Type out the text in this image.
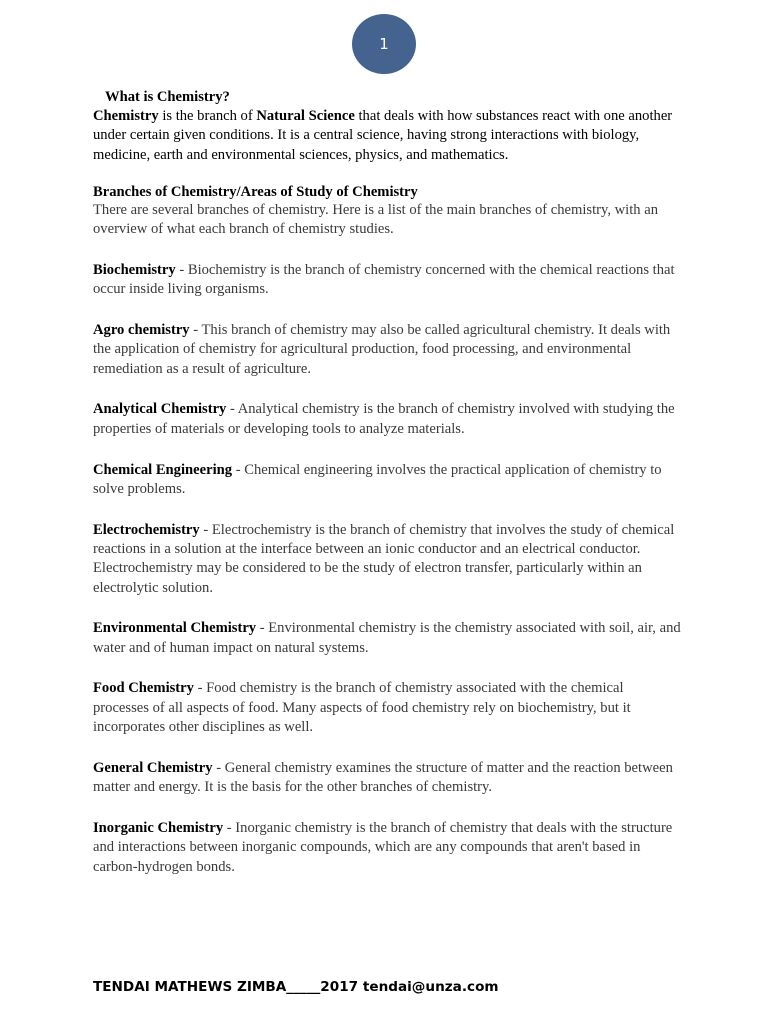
1

What is Chemistry?

Chemistry is the branch of Natural Science that deals with how substances react with one another under certain given conditions. It is a central science, having strong interactions with biology, medicine, earth and environmental sciences, physics, and mathematics.

Branches of Chemistry/Areas of Study of Chemistry

There are several branches of chemistry. Here is a list of the main branches of chemistry, with an overview of what each branch of chemistry studies.

Biochemistry - Biochemistry is the branch of chemistry concerned with the chemical reactions that occur inside living organisms.

Agro chemistry - This branch of chemistry may also be called agricultural chemistry. It deals with the application of chemistry for agricultural production, food processing, and environmental remediation as a result of agriculture.

Analytical Chemistry - Analytical chemistry is the branch of chemistry involved with studying the properties of materials or developing tools to analyze materials.

Chemical Engineering - Chemical engineering involves the practical application of chemistry to solve problems.

Electrochemistry - Electrochemistry is the branch of chemistry that involves the study of chemical reactions in a solution at the interface between an ionic conductor and an electrical conductor. Electrochemistry may be considered to be the study of electron transfer, particularly within an electrolytic solution.

Environmental Chemistry - Environmental chemistry is the chemistry associated with soil, air, and water and of human impact on natural systems.

Food Chemistry - Food chemistry is the branch of chemistry associated with the chemical processes of all aspects of food. Many aspects of food chemistry rely on biochemistry, but it incorporates other disciplines as well.

General Chemistry - General chemistry examines the structure of matter and the reaction between matter and energy. It is the basis for the other branches of chemistry.

Inorganic Chemistry - Inorganic chemistry is the branch of chemistry that deals with the structure and interactions between inorganic compounds, which are any compounds that aren't based in carbon-hydrogen bonds.

TENDAI MATHEWS ZIMBA_____2017 tendai@unza.com
